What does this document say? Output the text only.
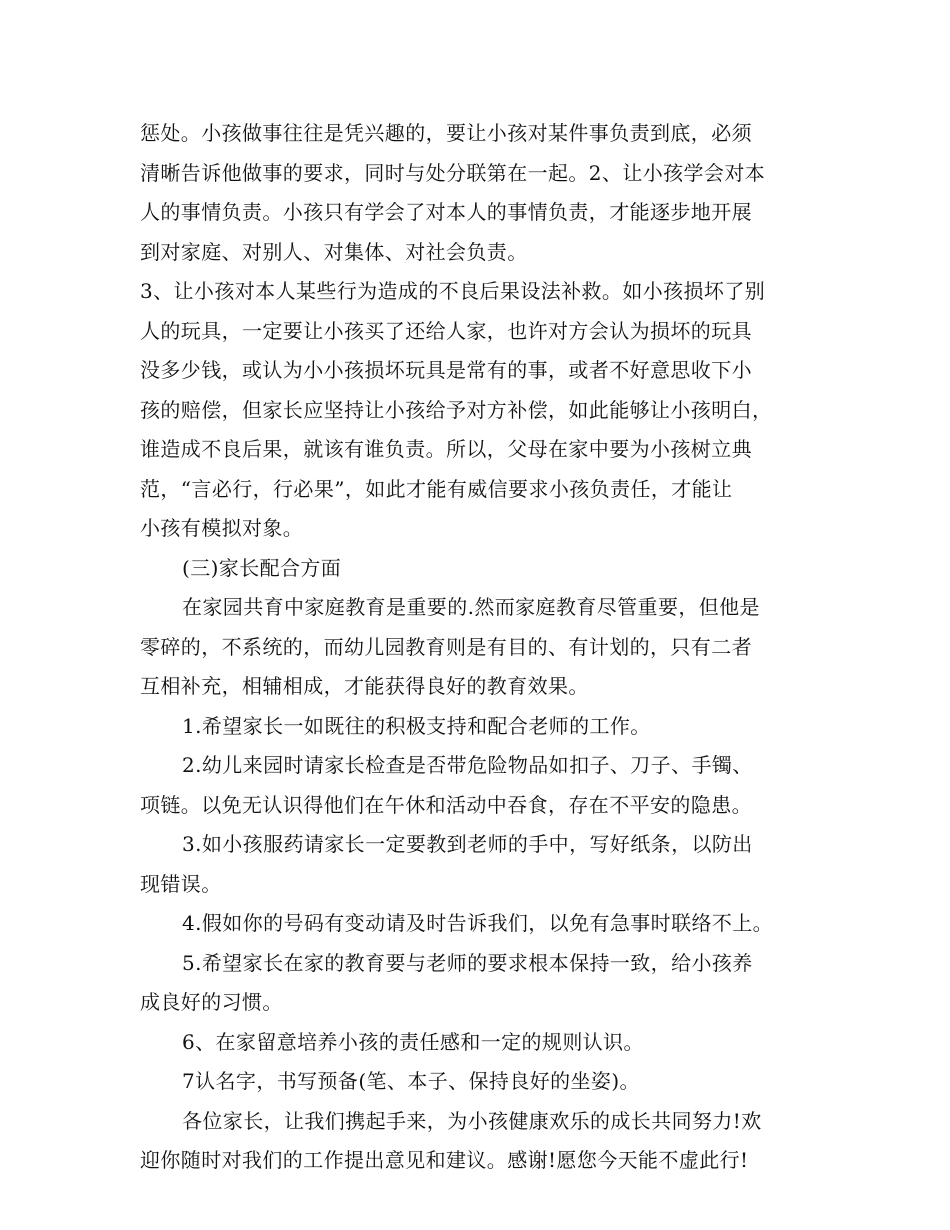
惩处。小孩做事往往是凭兴趣的，要让小孩对某件事负责到底，必须
清晰告诉他做事的要求，同时与处分联第在一起。2、让小孩学会对本
人的事情负责。小孩只有学会了对本人的事情负责，才能逐步地开展
到对家庭、对别人、对集体、对社会负责。
3、让小孩对本人某些行为造成的不良后果设法补救。如小孩损坏了别
人的玩具，一定要让小孩买了还给人家，也许对方会认为损坏的玩具
没多少钱，或认为小小孩损坏玩具是常有的事，或者不好意思收下小
孩的赔偿，但家长应坚持让小孩给予对方补偿，如此能够让小孩明白，
谁造成不良后果，就该有谁负责。所以，父母在家中要为小孩树立典
范，“言必行，行必果”，如此才能有威信要求小孩负责任，才能让
小孩有模拟对象。
(三)家长配合方面
在家园共育中家庭教育是重要的.然而家庭教育尽管重要，但他是
零碎的，不系统的，而幼儿园教育则是有目的、有计划的，只有二者
互相补充，相辅相成，才能获得良好的教育效果。
1.希望家长一如既往的积极支持和配合老师的工作。
2.幼儿来园时请家长检查是否带危险物品如扣子、刀子、手镯、
项链。以免无认识得他们在午休和活动中吞食，存在不平安的隐患。
3.如小孩服药请家长一定要教到老师的手中，写好纸条，以防出
现错误。
4.假如你的号码有变动请及时告诉我们，以免有急事时联络不上。
5.希望家长在家的教育要与老师的要求根本保持一致，给小孩养
成良好的习惯。
6、在家留意培养小孩的责任感和一定的规则认识。
7认名字，书写预备(笔、本子、保持良好的坐姿)。
各位家长，让我们携起手来，为小孩健康欢乐的成长共同努力!欢
迎你随时对我们的工作提出意见和建议。感谢!愿您今天能不虚此行!
